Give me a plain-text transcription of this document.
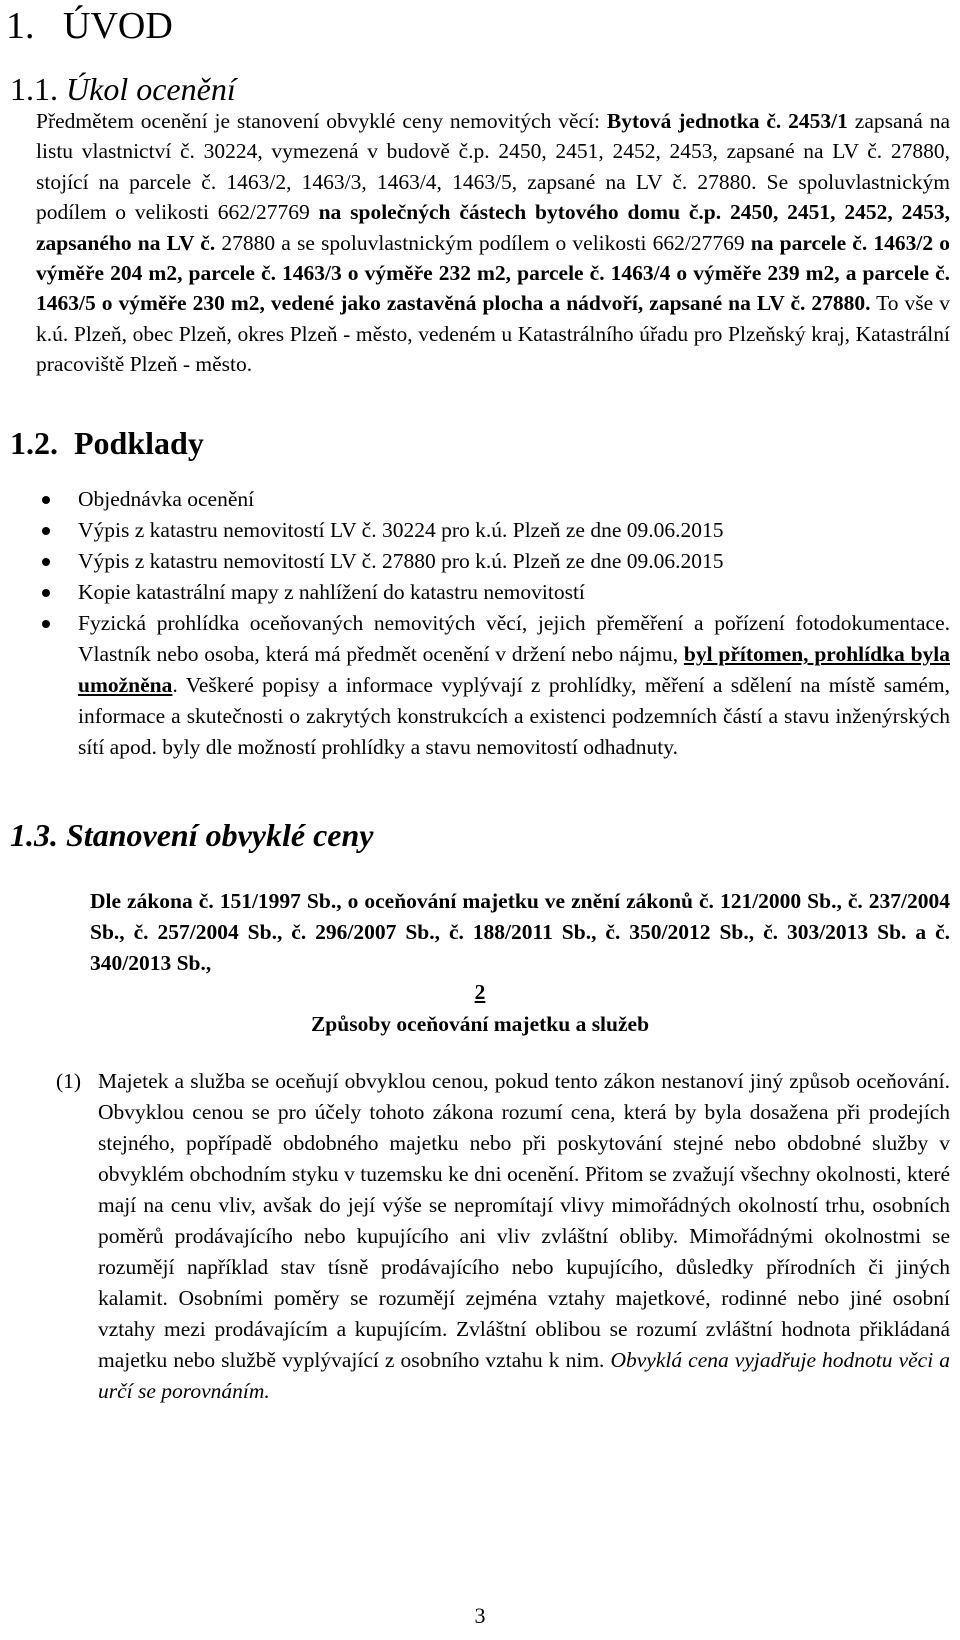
1. ÚVOD
1.1. Úkol ocenění
Předmětem ocenění je stanovení obvyklé ceny nemovitých věcí: Bytová jednotka č. 2453/1 zapsaná na listu vlastnictví č. 30224, vymezená v budově č.p. 2450, 2451, 2452, 2453, zapsané na LV č. 27880, stojící na parcele č. 1463/2, 1463/3, 1463/4, 1463/5, zapsané na LV č. 27880. Se spoluvlastnickým podílem o velikosti 662/27769 na společných částech bytového domu č.p. 2450, 2451, 2452, 2453, zapsaného na LV č. 27880 a se spoluvlastnickým podílem o velikosti 662/27769 na parcele č. 1463/2 o výměře 204 m2, parcele č. 1463/3 o výměře 232 m2, parcele č. 1463/4 o výměře 239 m2, a parcele č. 1463/5 o výměře 230 m2, vedené jako zastavěná plocha a nádvoří, zapsané na LV č. 27880. To vše v k.ú. Plzeň, obec Plzeň, okres Plzeň - město, vedeném u Katastrálního úřadu pro Plzeňský kraj, Katastrální pracoviště Plzeň - město.
1.2. Podklady
Objednávka ocenění
Výpis z katastru nemovitostí LV č. 30224 pro k.ú. Plzeň ze dne 09.06.2015
Výpis z katastru nemovitostí LV č. 27880 pro k.ú. Plzeň ze dne 09.06.2015
Kopie katastrální mapy z nahlížení do katastru nemovitostí
Fyzická prohlídka oceňovaných nemovitých věcí, jejich přeměření a pořízení fotodokumentace. Vlastník nebo osoba, která má předmět ocenění v držení nebo nájmu, byl přítomen, prohlídka byla umožněna. Veškeré popisy a informace vyplývají z prohlídky, měření a sdělení na místě samém, informace a skutečnosti o zakrytých konstrukcích a existenci podzemních částí a stavu inženýrských sítí apod. byly dle možností prohlídky a stavu nemovitostí odhadnuty.
1.3. Stanovení obvyklé ceny
Dle zákona č. 151/1997 Sb., o oceňování majetku ve znění zákonů č. 121/2000 Sb., č. 237/2004 Sb., č. 257/2004 Sb., č. 296/2007 Sb., č. 188/2011 Sb., č. 350/2012 Sb., č. 303/2013 Sb. a č. 340/2013 Sb.,
2
Způsoby oceňování majetku a služeb
(1) Majetek a služba se oceňují obvyklou cenou, pokud tento zákon nestanoví jiný způsob oceňování. Obvyklou cenou se pro účely tohoto zákona rozumí cena, která by byla dosažena při prodejích stejného, popřípadě obdobného majetku nebo při poskytování stejné nebo obdobné služby v obvyklém obchodním styku v tuzemsku ke dni ocenění. Přitom se zvažují všechny okolnosti, které mají na cenu vliv, avšak do její výše se nepromítají vlivy mimořádných okolností trhu, osobních poměrů prodávajícího nebo kupujícího ani vliv zvláštní obliby. Mimořádnými okolnostmi se rozumějí například stav tísně prodávajícího nebo kupujícího, důsledky přírodních či jiných kalamit. Osobními poměry se rozumějí zejména vztahy majetkové, rodinné nebo jiné osobní vztahy mezi prodávajícím a kupujícím. Zvláštní oblibou se rozumí zvláštní hodnota přikládaná majetku nebo službě vyplývající z osobního vztahu k nim. Obvyklá cena vyjadřuje hodnotu věci a určí se porovnáním.
3
